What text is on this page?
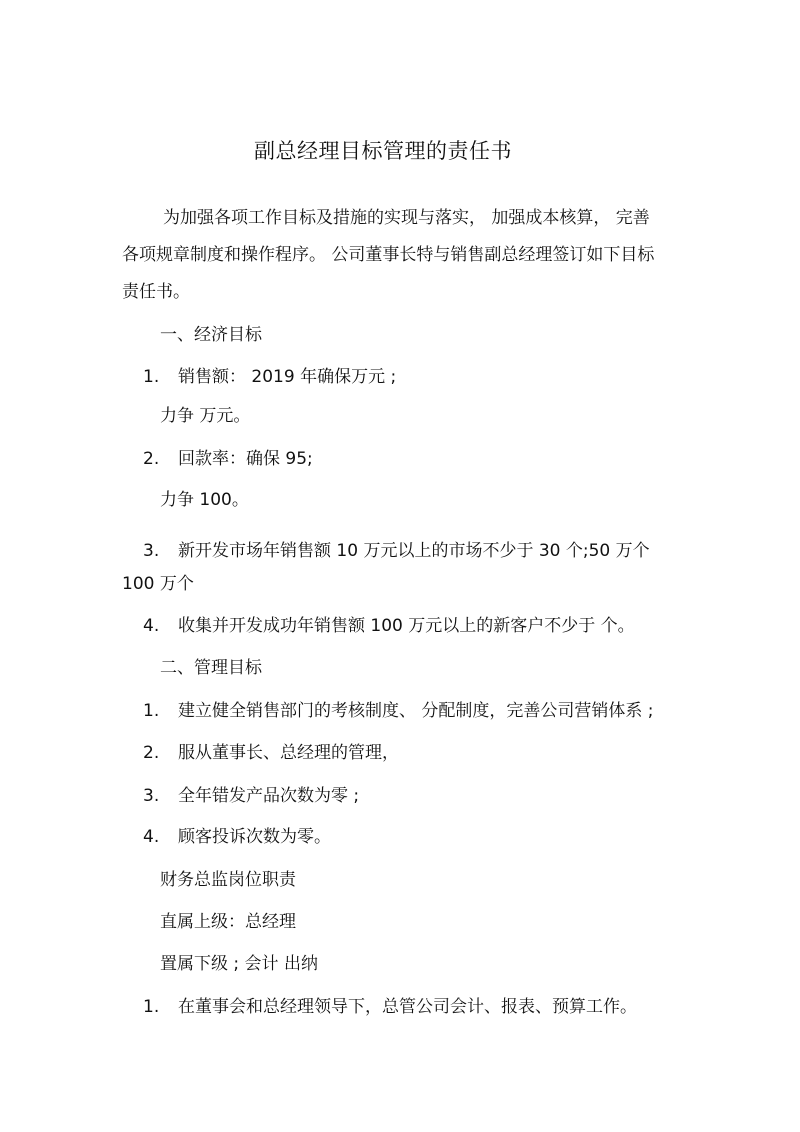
副总经理目标管理的责任书
为加强各项工作目标及措施的实现与落实， 加强成本核算， 完善
各项规章制度和操作程序。 公司董事长特与销售副总经理签订如下目标
责任书。
一、经济目标
1. 销售额： 2019 年确保万元 ;
力争 万元。
2. 回款率：确保 95;
力争 100。
3. 新开发市场年销售额 10 万元以上的市场不少于 30 个;50 万个
100 万个
4. 收集并开发成功年销售额 100 万元以上的新客户不少于 个。
二、管理目标
1. 建立健全销售部门的考核制度、 分配制度，完善公司营销体系 ;
2. 服从董事长、总经理的管理，
3. 全年错发产品次数为零 ;
4. 顾客投诉次数为零。
财务总监岗位职责
直属上级：总经理
置属下级 ; 会计 出纳
1. 在董事会和总经理领导下，总管公司会计、报表、预算工作。
